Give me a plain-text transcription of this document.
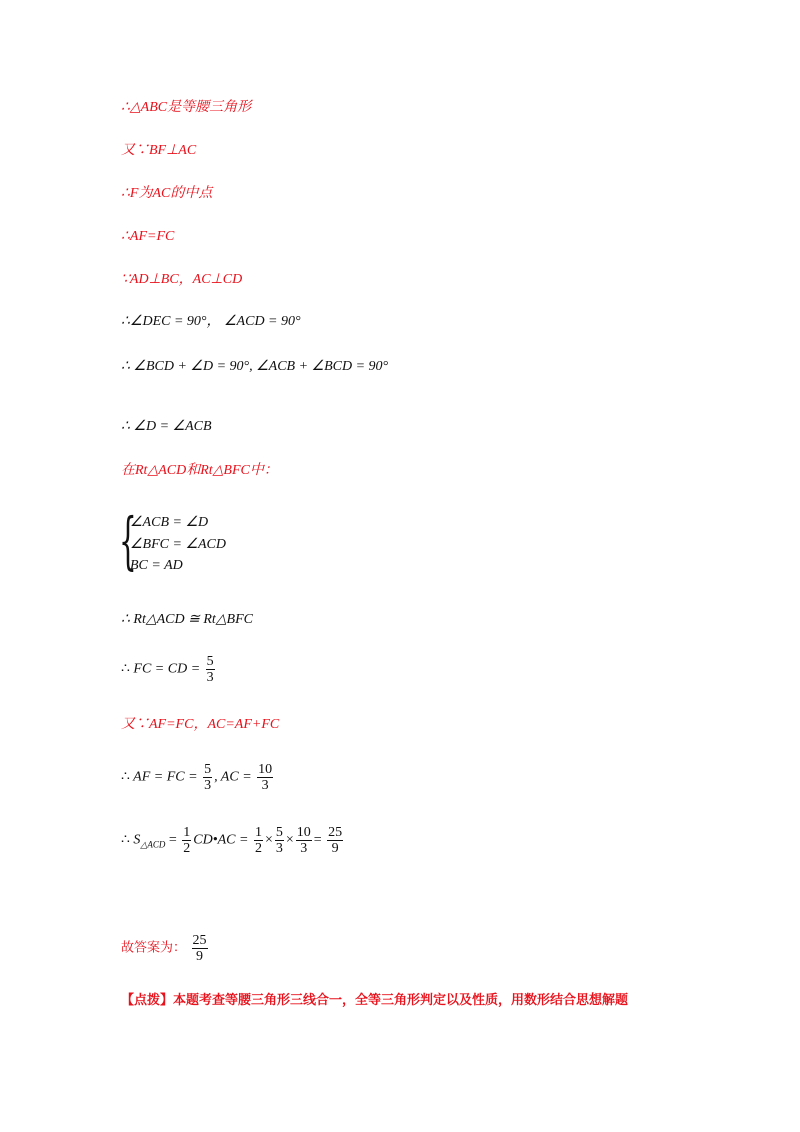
∴△ABC是等腰三角形
又∵BF⊥AC
∴F为AC的中点
∴AF=FC
∵AD⊥BC，AC⊥CD
∴∠DEC = 90°， ∠ACD = 90°
∴ ∠BCD + ∠D = 90°, ∠ACB + ∠BCD = 90°
∴ ∠D = ∠ACB
在Rt△ACD和Rt△BFC中：
{
∠ACB = ∠D
∠BFC = ∠ACD
BC = AD
∴ Rt△ACD ≅ Rt△BFC
∴ FC = CD = $\frac{5}{3}$
又∵AF=FC，AC=AF+FC
∴ AF = FC = $\frac{5}{3}$ , AC = $\frac{10}{3}$
∴ $S_{\triangle ACD} = \frac{1}{2}$ CD•AC = $\frac{1}{2} \times \frac{5}{3} \times \frac{10}{3} = \frac{25}{9}$
故答案为： $\frac{25}{9}$
【点拨】本题考查等腰三角形三线合一，全等三角形判定以及性质，用数形结合思想解题
